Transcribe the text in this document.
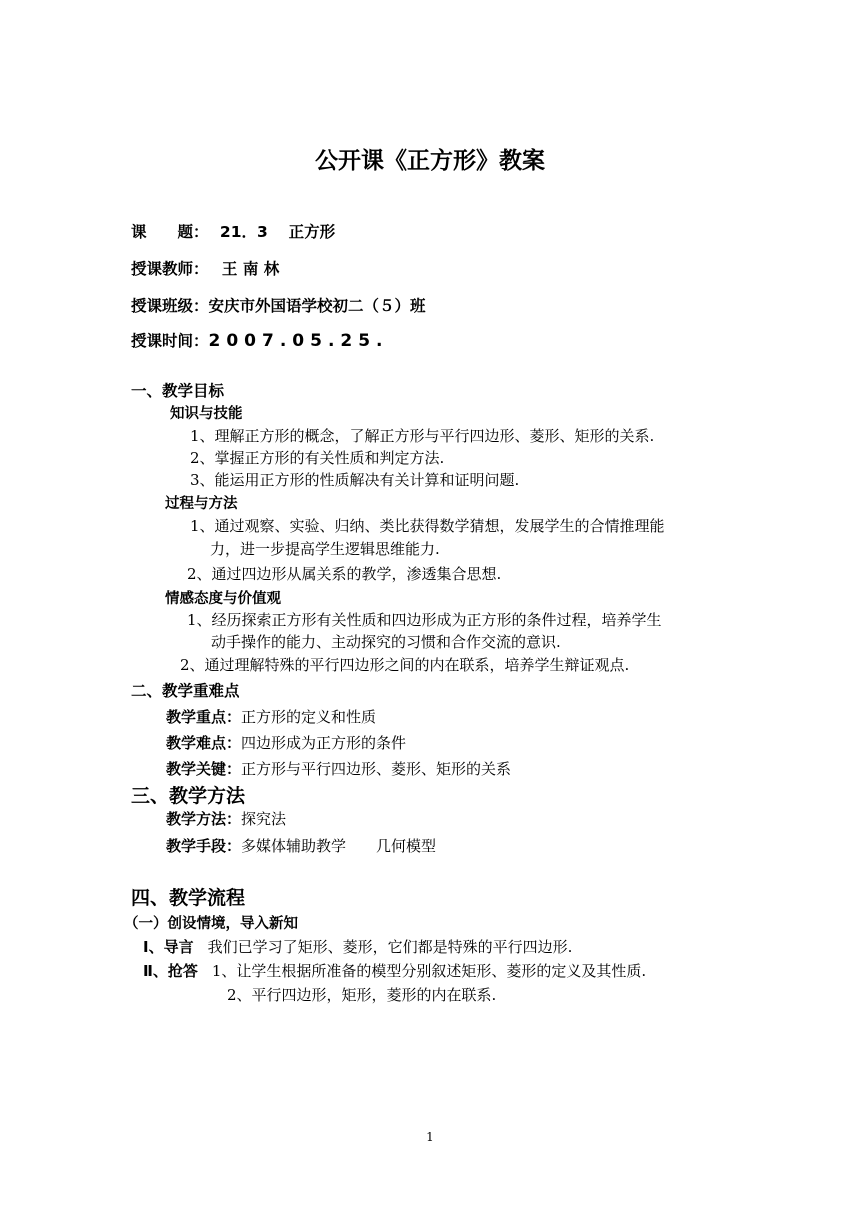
公开课《正方形》教案
课　　题： 21．3　 正方形
授课教师： 王 南 林
授课班级：安庆市外国语学校初二（５）班
授课时间：2007.05.25.
一、教学目标
知识与技能
1、理解正方形的概念，了解正方形与平行四边形、菱形、矩形的关系.
2、掌握正方形的有关性质和判定方法.
3、能运用正方形的性质解决有关计算和证明问题.
过程与方法
1、通过观察、实验、归纳、类比获得数学猜想，发展学生的合情推理能
力，进一步提高学生逻辑思维能力.
2、通过四边形从属关系的教学，渗透集合思想.
情感态度与价值观
1、经历探索正方形有关性质和四边形成为正方形的条件过程，培养学生
动手操作的能力、主动探究的习惯和合作交流的意识.
2、通过理解特殊的平行四边形之间的内在联系，培养学生辩证观点.
二、教学重难点
教学重点：正方形的定义和性质
教学难点：四边形成为正方形的条件
教学关键：正方形与平行四边形、菱形、矩形的关系
三、教学方法
教学方法：探究法
教学手段：多媒体辅助教学　　几何模型
四、教学流程
（一）创设情境，导入新知
Ⅰ、导言 我们已学习了矩形、菱形，它们都是特殊的平行四边形.
Ⅱ、抢答 1、让学生根据所准备的模型分别叙述矩形、菱形的定义及其性质.
2、平行四边形，矩形，菱形的内在联系.
1
